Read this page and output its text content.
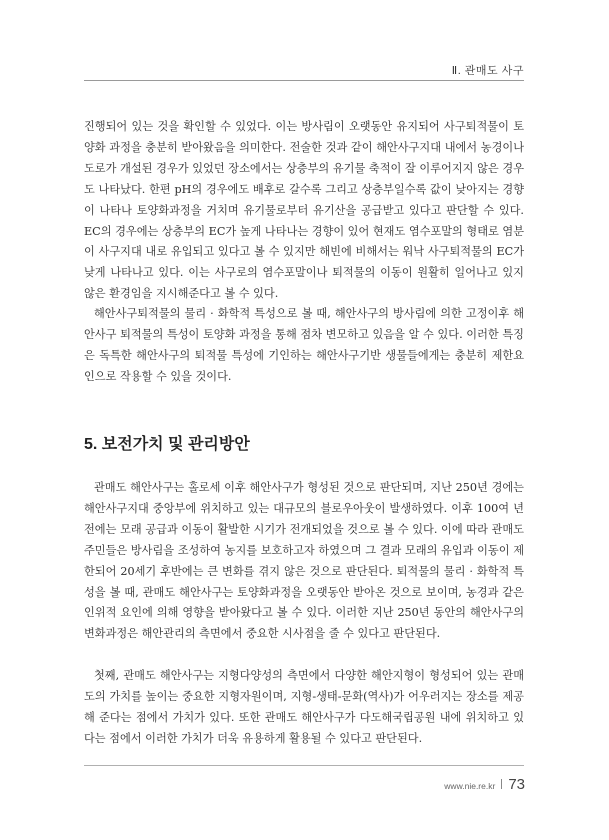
Ⅱ. 관매도 사구

진행되어 있는 것을 확인할 수 있었다. 이는 방사림이 오랫동안 유지되어 사구퇴적물이 토양화 과정을 충분히 받아왔음을 의미한다. 전술한 것과 같이 해안사구지대 내에서 농경이나 도로가 개설된 경우가 있었던 장소에서는 상층부의 유기물 축적이 잘 이루어지지 않은 경우도 나타났다. 한편 pH의 경우에도 배후로 갈수록 그리고 상층부일수록 값이 낮아지는 경향이 나타나 토양화과정을 거치며 유기물로부터 유기산을 공급받고 있다고 판단할 수 있다. EC의 경우에는 상층부의 EC가 높게 나타나는 경향이 있어 현재도 염수포말의 형태로 염분이 사구지대 내로 유입되고 있다고 볼 수 있지만 해빈에 비해서는 워낙 사구퇴적물의 EC가 낮게 나타나고 있다. 이는 사구로의 염수포말이나 퇴적물의 이동이 원활히 일어나고 있지 않은 환경임을 지시해준다고 볼 수 있다.

해안사구퇴적물의 물리 · 화학적 특성으로 볼 때, 해안사구의 방사림에 의한 고정이후 해안사구 퇴적물의 특성이 토양화 과정을 통해 점차 변모하고 있음을 알 수 있다. 이러한 특징은 독특한 해안사구의 퇴적물 특성에 기인하는 해안사구기반 생물들에게는 충분히 제한요인으로 작용할 수 있을 것이다.

5. 보전가치 및 관리방안

관매도 해안사구는 홀로세 이후 해안사구가 형성된 것으로 판단되며, 지난 250년 경에는 해안사구지대 중앙부에 위치하고 있는 대규모의 블로우아웃이 발생하였다. 이후 100여 년 전에는 모래 공급과 이동이 활발한 시기가 전개되었을 것으로 볼 수 있다. 이에 따라 관매도 주민들은 방사림을 조성하여 농지를 보호하고자 하였으며 그 결과 모래의 유입과 이동이 제한되어 20세기 후반에는 큰 변화를 겪지 않은 것으로 판단된다. 퇴적물의 물리 · 화학적 특성을 볼 때, 관매도 해안사구는 토양화과정을 오랫동안 받아온 것으로 보이며, 농경과 같은 인위적 요인에 의해 영향을 받아왔다고 볼 수 있다. 이러한 지난 250년 동안의 해안사구의 변화과정은 해안관리의 측면에서 중요한 시사점을 줄 수 있다고 판단된다.

첫째, 관매도 해안사구는 지형다양성의 측면에서 다양한 해안지형이 형성되어 있는 관매도의 가치를 높이는 중요한 지형자원이며, 지형-생태-문화(역사)가 어우러지는 장소를 제공해 준다는 점에서 가치가 있다. 또한 관매도 해안사구가 다도해국립공원 내에 위치하고 있다는 점에서 이러한 가치가 더욱 유용하게 활용될 수 있다고 판단된다.

www.nie.re.kr 73
